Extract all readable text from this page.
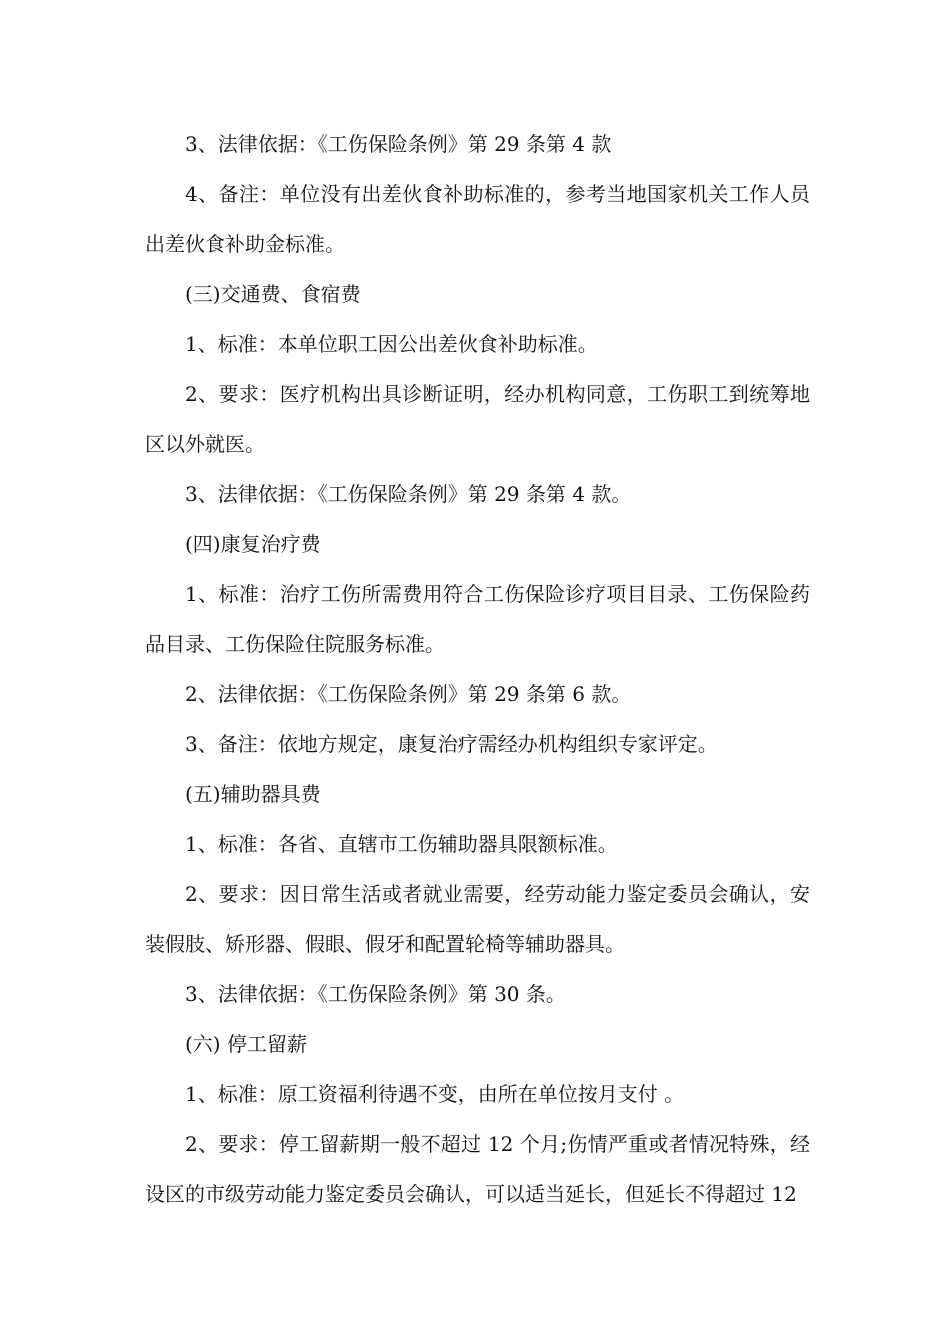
3、法律依据：《工伤保险条例》第 29 条第 4 款

4、备注：单位没有出差伙食补助标准的，参考当地国家机关工作人员出差伙食补助金标准。

(三)交通费、食宿费

1、标准：本单位职工因公出差伙食补助标准。

2、要求：医疗机构出具诊断证明，经办机构同意，工伤职工到统筹地区以外就医。

3、法律依据：《工伤保险条例》第 29 条第 4 款。

(四)康复治疗费

1、标准：治疗工伤所需费用符合工伤保险诊疗项目目录、工伤保险药品目录、工伤保险住院服务标准。

2、法律依据：《工伤保险条例》第 29 条第 6 款。

3、备注：依地方规定，康复治疗需经办机构组织专家评定。

(五)辅助器具费

1、标准：各省、直辖市工伤辅助器具限额标准。

2、要求：因日常生活或者就业需要，经劳动能力鉴定委员会确认，安装假肢、矫形器、假眼、假牙和配置轮椅等辅助器具。

3、法律依据：《工伤保险条例》第 30 条。

(六) 停工留薪

1、标准：原工资福利待遇不变，由所在单位按月支付 。

2、要求：停工留薪期一般不超过 12 个月;伤情严重或者情况特殊，经设区的市级劳动能力鉴定委员会确认，可以适当延长，但延长不得超过 12
